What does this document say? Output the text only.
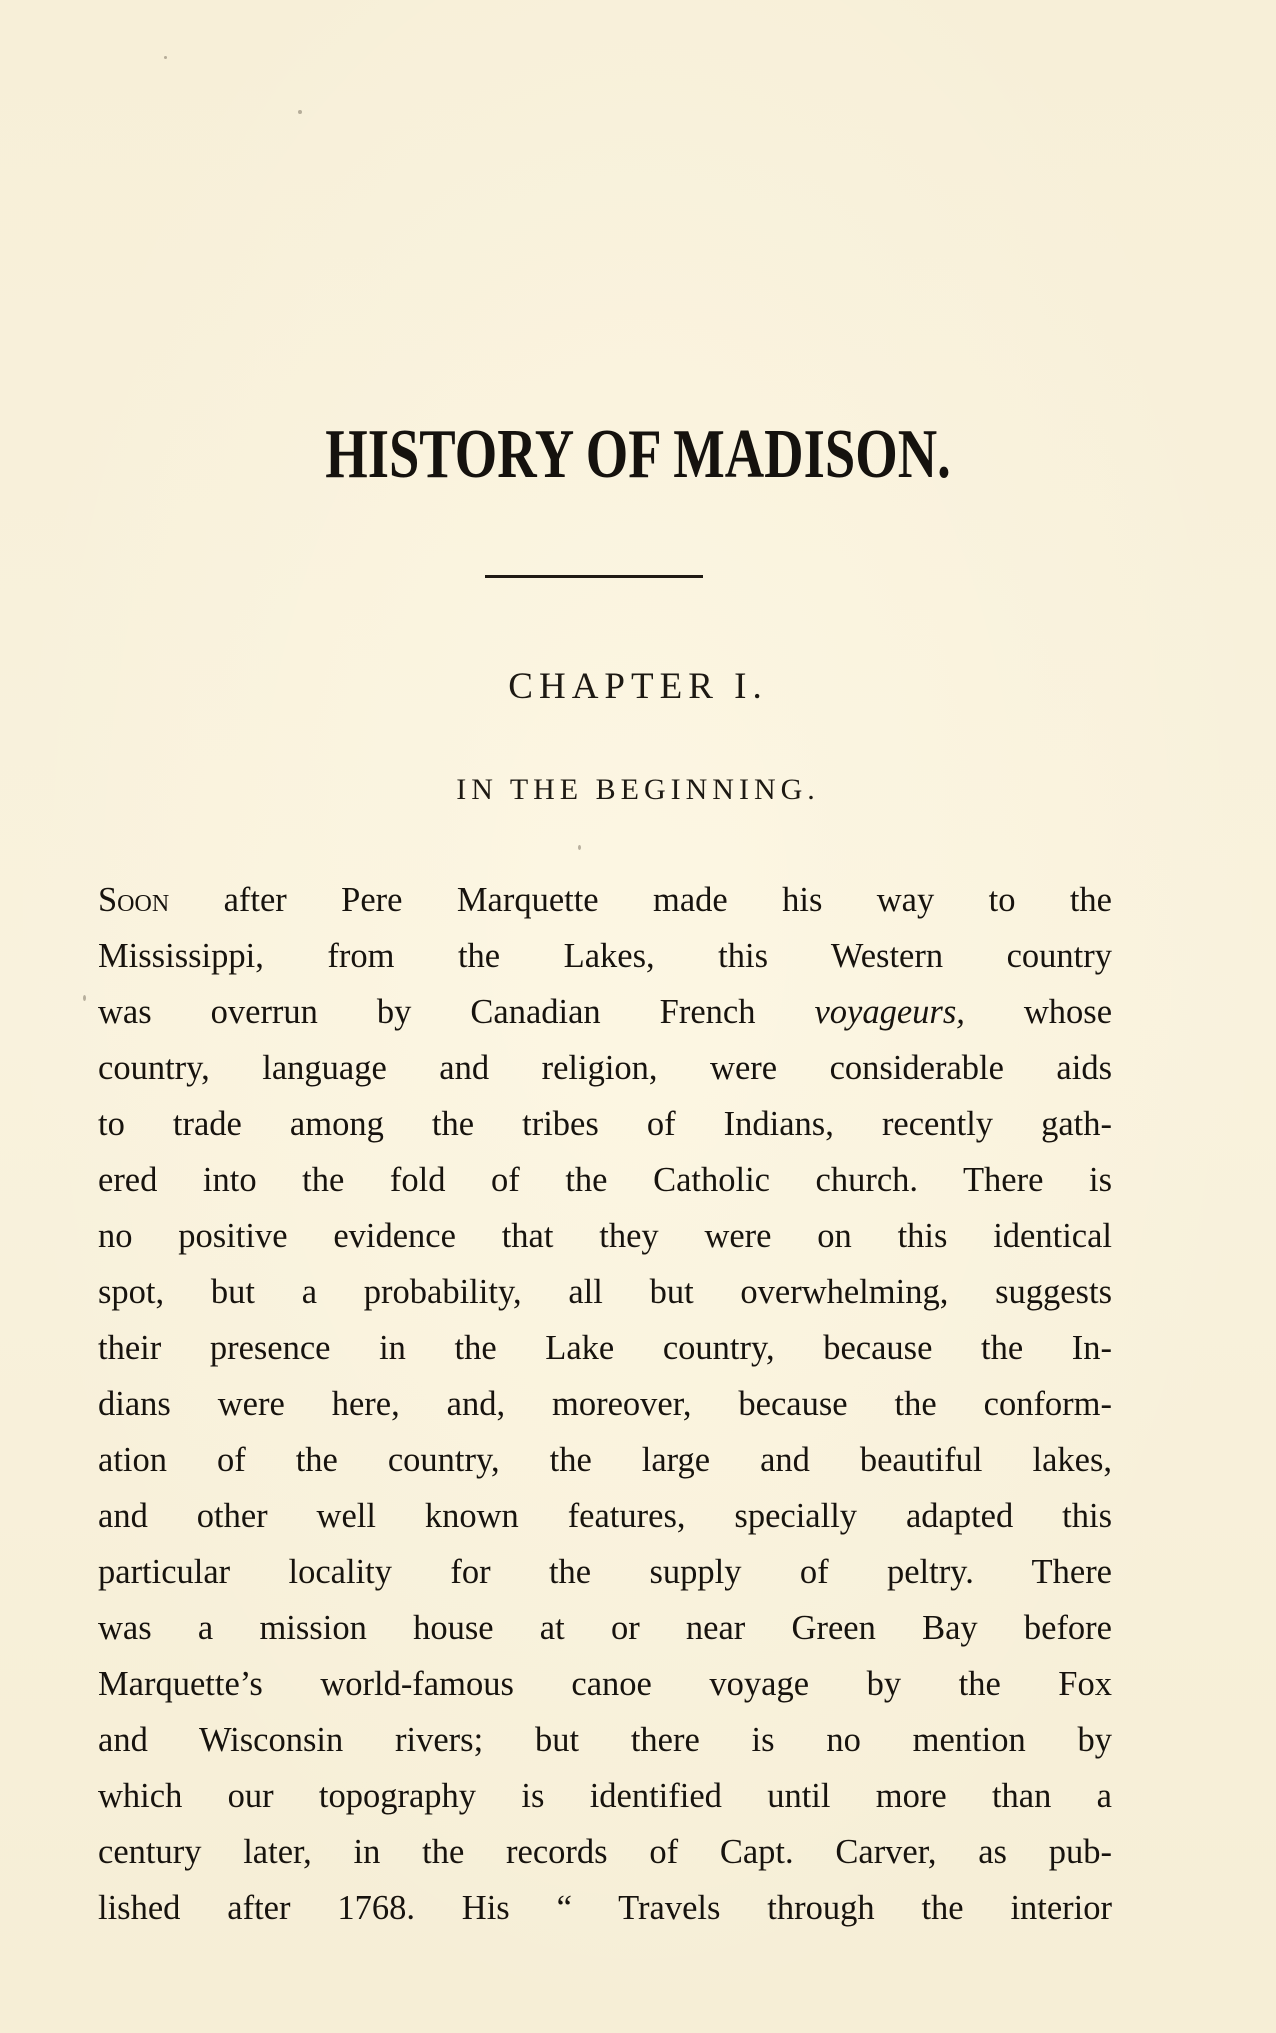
HISTORY OF MADISON.
CHAPTER I.
IN THE BEGINNING.
Soon after Pere Marquette made his way to the
Mississippi, from the Lakes, this Western country
was overrun by Canadian French voyageurs, whose
country, language and religion, were considerable aids
to trade among the tribes of Indians, recently gath-
ered into the fold of the Catholic church. There is
no positive evidence that they were on this identical
spot, but a probability, all but overwhelming, suggests
their presence in the Lake country, because the In-
dians were here, and, moreover, because the conform-
ation of the country, the large and beautiful lakes,
and other well known features, specially adapted this
particular locality for the supply of peltry. There
was a mission house at or near Green Bay before
Marquette’s world-famous canoe voyage by the Fox
and Wisconsin rivers; but there is no mention by
which our topography is identified until more than a
century later, in the records of Capt. Carver, as pub-
lished after 1768. His “ Travels through the interior
